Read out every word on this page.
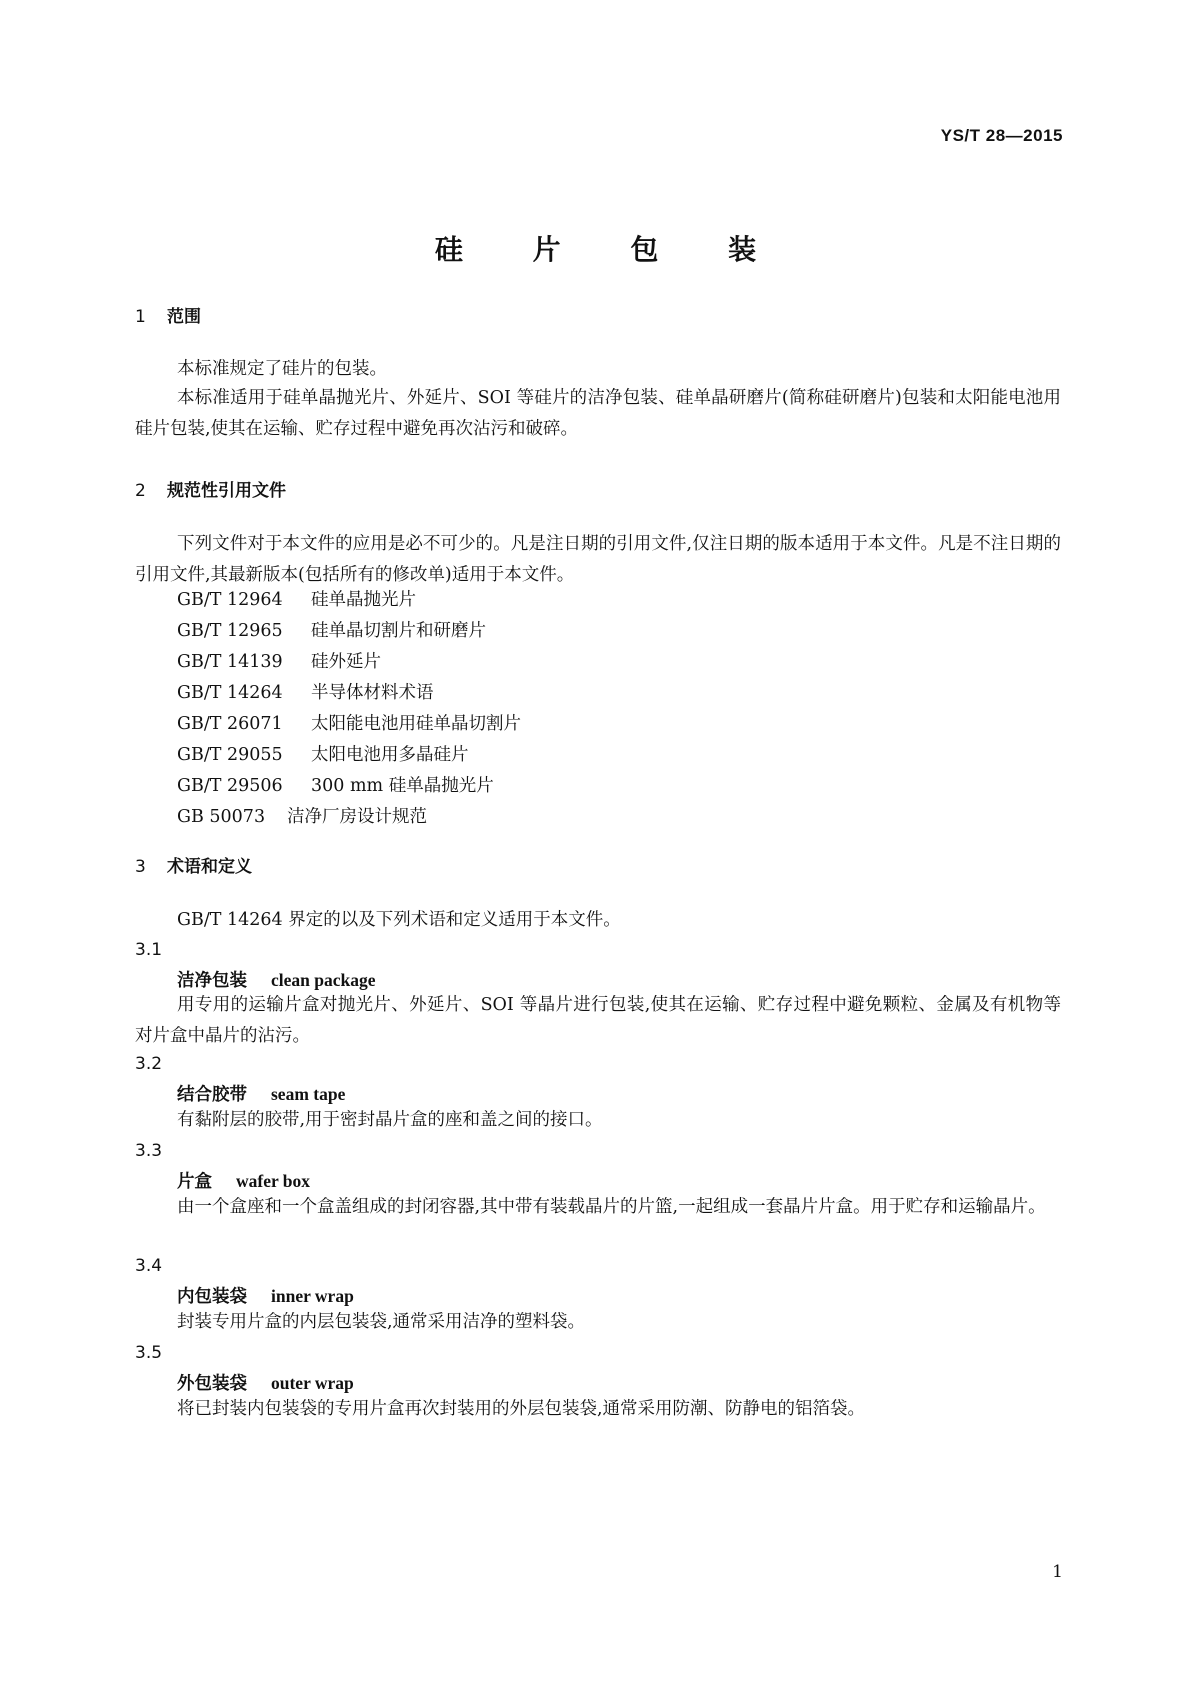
YS/T 28—2015
硅 片 包 装
1 范围

本标准规定了硅片的包装。

本标准适用于硅单晶抛光片、外延片、SOI 等硅片的洁净包装、硅单晶研磨片(简称硅研磨片)包装和太阳能电池用硅片包装,使其在运输、贮存过程中避免再次沾污和破碎。

2 规范性引用文件

下列文件对于本文件的应用是必不可少的。凡是注日期的引用文件,仅注日期的版本适用于本文件。凡是不注日期的引用文件,其最新版本(包括所有的修改单)适用于本文件。

GB/T 12964 硅单晶抛光片
GB/T 12965 硅单晶切割片和研磨片
GB/T 14139 硅外延片
GB/T 14264 半导体材料术语
GB/T 26071 太阳能电池用硅单晶切割片
GB/T 29055 太阳电池用多晶硅片
GB/T 29506 300 mm 硅单晶抛光片
GB 50073 洁净厂房设计规范
3 术语和定义

GB/T 14264 界定的以及下列术语和定义适用于本文件。

3.1
洁净包装 clean package

用专用的运输片盒对抛光片、外延片、SOI 等晶片进行包装,使其在运输、贮存过程中避免颗粒、金属及有机物等对片盒中晶片的沾污。

3.2
结合胶带 seam tape

有黏附层的胶带,用于密封晶片盒的座和盖之间的接口。

3.3
片盒 wafer box

由一个盒座和一个盒盖组成的封闭容器,其中带有装载晶片的片篮,一起组成一套晶片片盒。用于贮存和运输晶片。

3.4
内包装袋 inner wrap

封装专用片盒的内层包装袋,通常采用洁净的塑料袋。

3.5
外包装袋 outer wrap

将已封装内包装袋的专用片盒再次封装用的外层包装袋,通常采用防潮、防静电的铝箔袋。

1
